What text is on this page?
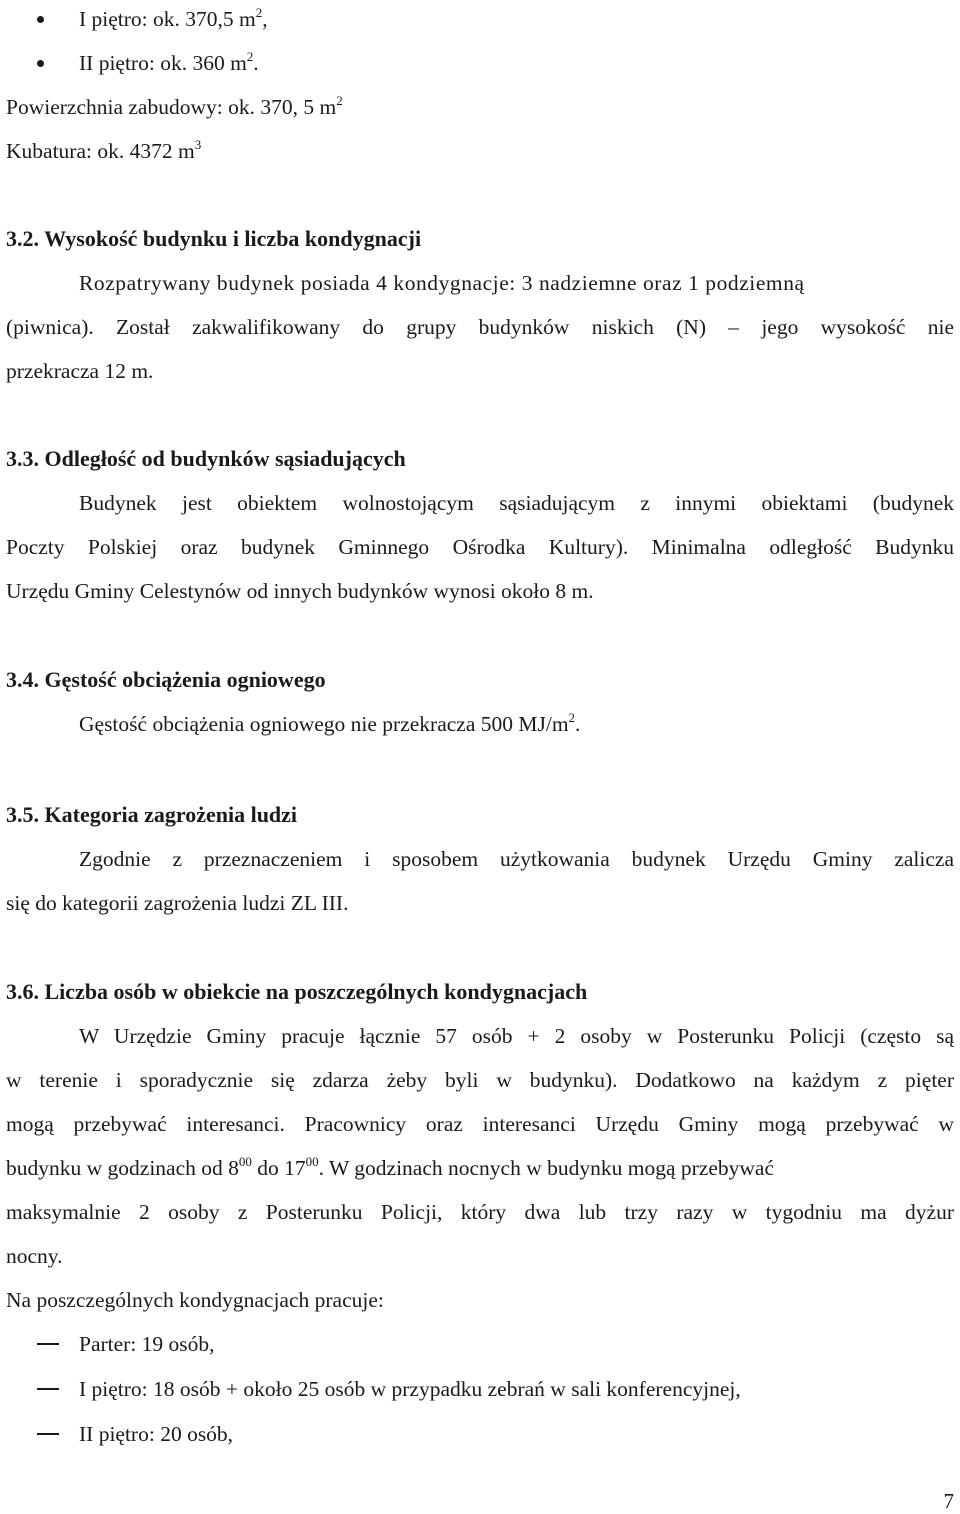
I piętro: ok. 370,5 $m^2$,
II piętro: ok. 360 $m^2$.
Powierzchnia zabudowy: ok. 370, 5 $m^2$
Kubatura: ok. 4372 $m^3$
3.2. Wysokość budynku i liczba kondygnacji
Rozpatrywany budynek posiada 4 kondygnacje: 3 nadziemne oraz 1 podziemną
(piwnica). Został zakwalifikowany do grupy budynków niskich (N) – jego wysokość nie
przekracza 12 m.
3.3. Odległość od budynków sąsiadujących
Budynek jest obiektem wolnostojącym sąsiadującym z innymi obiektami (budynek
Poczty Polskiej oraz budynek Gminnego Ośrodka Kultury). Minimalna odległość Budynku
Urzędu Gminy Celestynów od innych budynków wynosi około 8 m.
3.4. Gęstość obciążenia ogniowego
Gęstość obciążenia ogniowego nie przekracza 500 $MJ/m^2$.
3.5. Kategoria zagrożenia ludzi
Zgodnie z przeznaczeniem i sposobem użytkowania budynek Urzędu Gminy zalicza
się do kategorii zagrożenia ludzi ZL III.
3.6. Liczba osób w obiekcie na poszczególnych kondygnacjach
W Urzędzie Gminy pracuje łącznie 57 osób + 2 osoby w Posterunku Policji (często są
w terenie i sporadycznie się zdarza żeby byli w budynku). Dodatkowo na każdym z pięter
mogą przebywać interesanci. Pracownicy oraz interesanci Urzędu Gminy mogą przebywać w
budynku w godzinach od $8^{00}$ do $17^{00}$. W godzinach nocnych w budynku mogą przebywać
maksymalnie 2 osoby z Posterunku Policji, który dwa lub trzy razy w tygodniu ma dyżur
nocny.
Na poszczególnych kondygnacjach pracuje:
Parter: 19 osób,
I piętro: 18 osób + około 25 osób w przypadku zebrań w sali konferencyjnej,
II piętro: 20 osób,
7
